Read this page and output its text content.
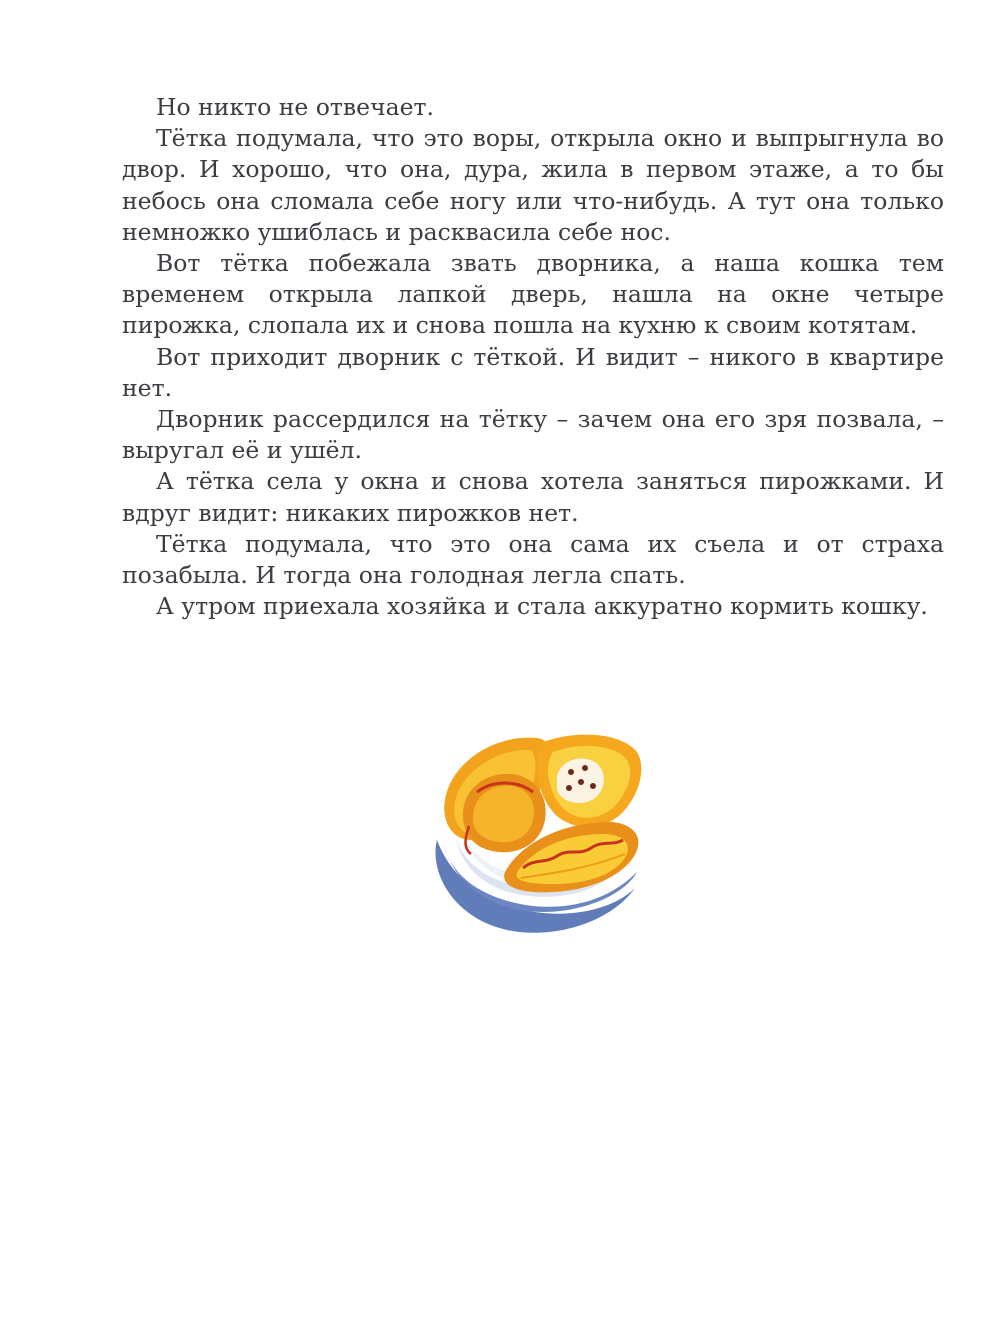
Но никто не отвечает.

Тётка подумала, что это воры, открыла окно и выпрыгнула во двор. И хорошо, что она, дура, жила в первом этаже, а то бы небось она сломала себе ногу или что-нибудь. А тут она только немножко ушиблась и расквасила себе нос.

Вот тётка побежала звать дворника, а наша кошка тем временем открыла лапкой дверь, нашла на окне четыре пирожка, слопала их и снова пошла на кухню к своим котятам.

Вот приходит дворник с тёткой. И видит – никого в квартире нет.

Дворник рассердился на тётку – зачем она его зря позвала, – выругал её и ушёл.

А тётка села у окна и снова хотела заняться пирожками. И вдруг видит: никаких пирожков нет.

Тётка подумала, что это она сама их съела и от страха позабыла. И тогда она голодная легла спать.

А утром приехала хозяйка и стала аккуратно кормить кошку.
